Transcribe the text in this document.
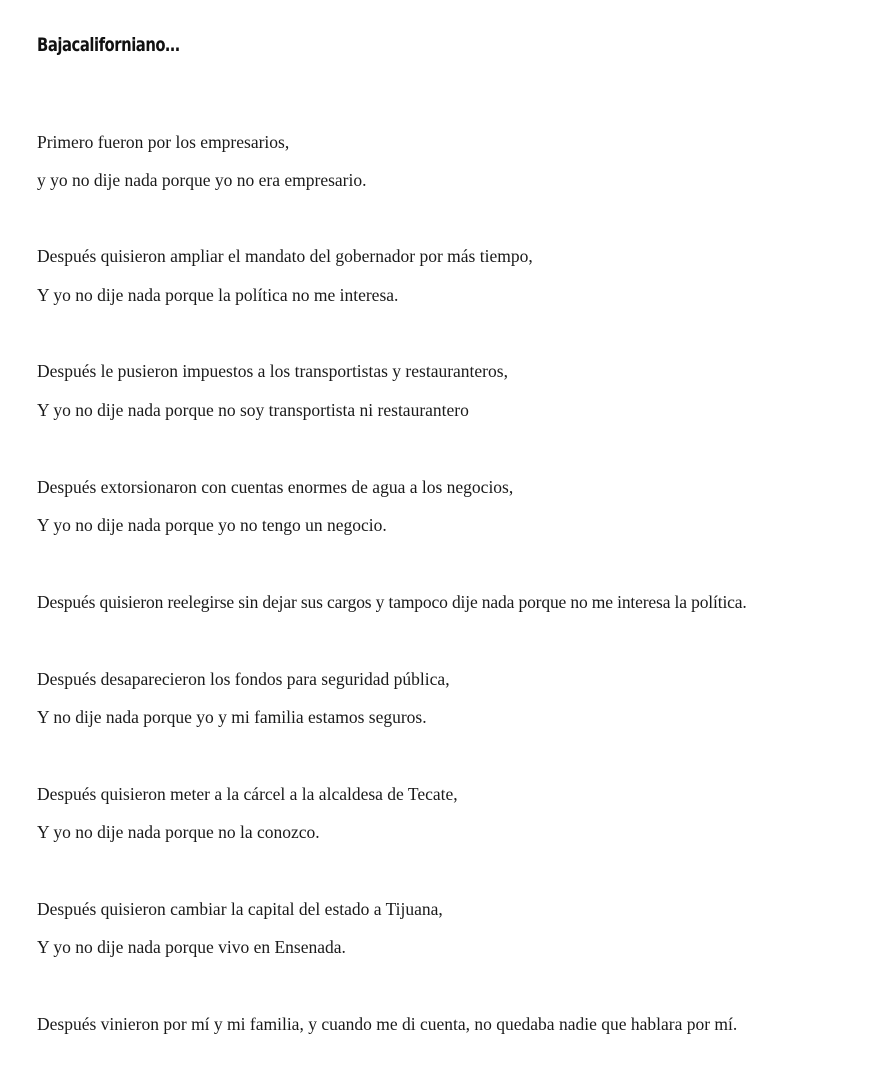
Bajacaliforniano…

Primero fueron por los empresarios,

y yo no dije nada porque yo no era empresario.

Después quisieron ampliar el mandato del gobernador por más tiempo,

Y yo no dije nada porque la política no me interesa.

Después le pusieron impuestos a los transportistas y restauranteros,

Y yo no dije nada porque no soy transportista ni restaurantero

Después extorsionaron con cuentas enormes de agua a los negocios,

Y yo no dije nada porque yo no tengo un negocio.

Después quisieron reelegirse sin dejar sus cargos y tampoco dije nada porque no me interesa la política.

Después desaparecieron los fondos para seguridad pública,

Y no dije nada porque yo y mi familia estamos seguros.

Después quisieron meter a la cárcel a la alcaldesa de Tecate,

Y yo no dije nada porque no la conozco.

Después quisieron cambiar la capital del estado a Tijuana,

Y yo no dije nada porque vivo en Ensenada.

Después vinieron por mí y mi familia, y cuando me di cuenta, no quedaba nadie que hablara por mí.
